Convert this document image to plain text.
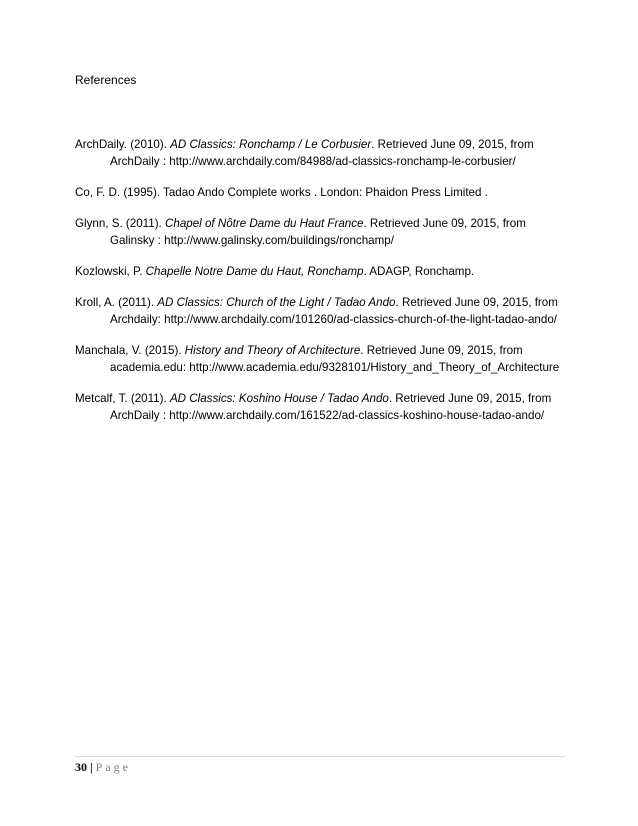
References
ArchDaily. (2010). AD Classics: Ronchamp / Le Corbusier. Retrieved June 09, 2015, from
ArchDaily : http://www.archdaily.com/84988/ad-classics-ronchamp-le-corbusier/
Co, F. D. (1995). Tadao Ando Complete works . London: Phaidon Press Limited .
Glynn, S. (2011). Chapel of Nôtre Dame du Haut France. Retrieved June 09, 2015, from
Galinsky : http://www.galinsky.com/buildings/ronchamp/
Kozlowski, P. Chapelle Notre Dame du Haut, Ronchamp. ADAGP, Ronchamp.
Kroll, A. (2011). AD Classics: Church of the Light / Tadao Ando. Retrieved June 09, 2015, from
Archdaily: http://www.archdaily.com/101260/ad-classics-church-of-the-light-tadao-ando/
Manchala, V. (2015). History and Theory of Architecture. Retrieved June 09, 2015, from
academia.edu: http://www.academia.edu/9328101/History_and_Theory_of_Architecture
Metcalf, T. (2011). AD Classics: Koshino House / Tadao Ando. Retrieved June 09, 2015, from
ArchDaily : http://www.archdaily.com/161522/ad-classics-koshino-house-tadao-ando/
30 | Page
